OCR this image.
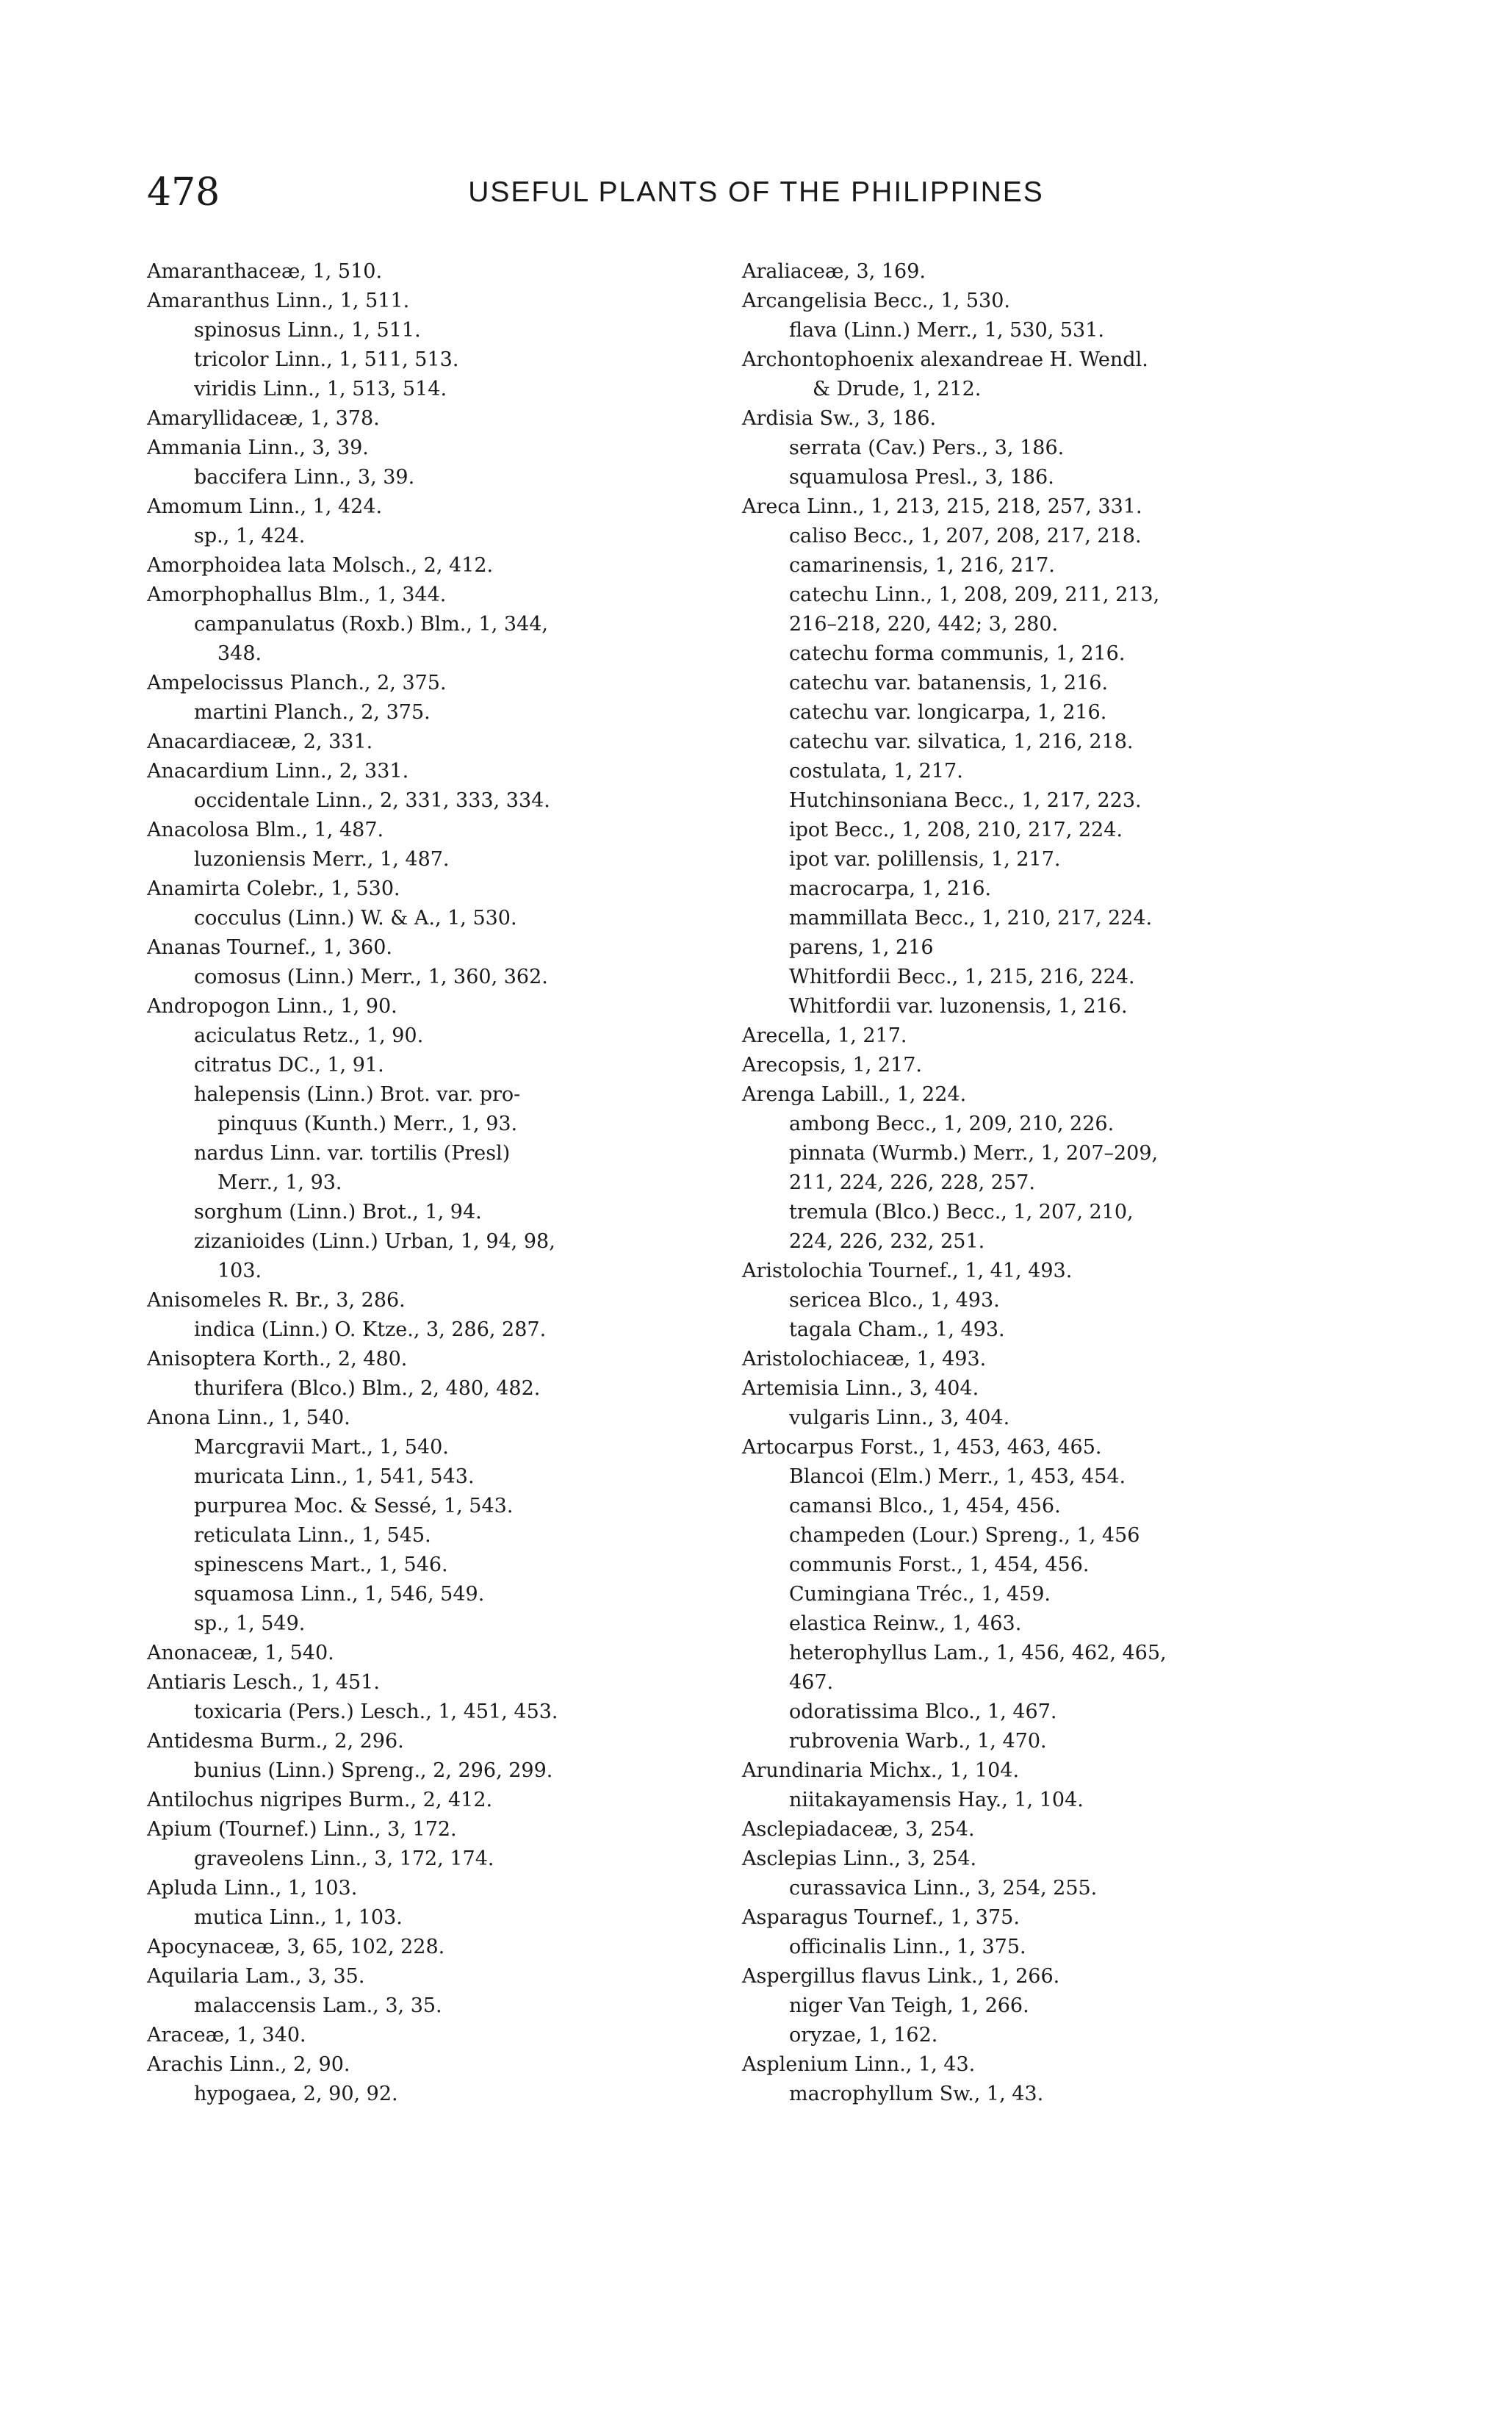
478	USEFUL PLANTS OF THE PHILIPPINES

Amaranthaceæ, 1, 510.

Amaranthus Linn., 1, 511.

spinosus Linn., 1, 511.

tricolor Linn., 1, 511, 513.

viridis Linn., 1, 513, 514.

Amaryllidaceæ, 1, 378.

Ammania Linn., 3, 39.

baccifera Linn., 3, 39.

Amomum Linn., 1, 424.

sp., 1, 424.

Amorphoidea lata Molsch., 2, 412.

Amorphophallus Blm., 1, 344.

campanulatus (Roxb.) Blm., 1, 344,

348.

Ampelocissus Planch., 2, 375.

martini Planch., 2, 375.

Anacardiaceæ, 2, 331.

Anacardium Linn., 2, 331.

occidentale Linn., 2, 331, 333, 334.

Anacolosa Blm., 1, 487.

luzoniensis Merr., 1, 487.

Anamirta Colebr., 1, 530.

cocculus (Linn.) W. & A., 1, 530.

Ananas Tournef., 1, 360.

comosus (Linn.) Merr., 1, 360, 362.

Andropogon Linn., 1, 90.

aciculatus Retz., 1, 90.

citratus DC., 1, 91.

halepensis (Linn.) Brot. var. pro-

pinquus (Kunth.) Merr., 1, 93.

nardus Linn. var. tortilis (Presl)

Merr., 1, 93.

sorghum (Linn.) Brot., 1, 94.

zizanioides (Linn.) Urban, 1, 94, 98,

103.

Anisomeles R. Br., 3, 286.

indica (Linn.) O. Ktze., 3, 286, 287.

Anisoptera Korth., 2, 480.

thurifera (Blco.) Blm., 2, 480, 482.

Anona Linn., 1, 540.

Marcgravii Mart., 1, 540.

muricata Linn., 1, 541, 543.

purpurea Moc. & Sessé, 1, 543.

reticulata Linn., 1, 545.

spinescens Mart., 1, 546.

squamosa Linn., 1, 546, 549.

sp., 1, 549.

Anonaceæ, 1, 540.

Antiaris Lesch., 1, 451.

toxicaria (Pers.) Lesch., 1, 451, 453.

Antidesma Burm., 2, 296.

bunius (Linn.) Spreng., 2, 296, 299.

Antilochus nigripes Burm., 2, 412.

Apium (Tournef.) Linn., 3, 172.

graveolens Linn., 3, 172, 174.

Apluda Linn., 1, 103.

mutica Linn., 1, 103.

Apocynaceæ, 3, 65, 102, 228.

Aquilaria Lam., 3, 35.

malaccensis Lam., 3, 35.

Araceæ, 1, 340.

Arachis Linn., 2, 90.

hypogaea, 2, 90, 92.

Araliaceæ, 3, 169.

Arcangelisia Becc., 1, 530.

flava (Linn.) Merr., 1, 530, 531.

Archontophoenix alexandreae H. Wendl.

& Drude, 1, 212.

Ardisia Sw., 3, 186.

serrata (Cav.) Pers., 3, 186.

squamulosa Presl., 3, 186.

Areca Linn., 1, 213, 215, 218, 257, 331.

caliso Becc., 1, 207, 208, 217, 218.

camarinensis, 1, 216, 217.

catechu Linn., 1, 208, 209, 211, 213,

216–218, 220, 442; 3, 280.

catechu forma communis, 1, 216.

catechu var. batanensis, 1, 216.

catechu var. longicarpa, 1, 216.

catechu var. silvatica, 1, 216, 218.

costulata, 1, 217.

Hutchinsoniana Becc., 1, 217, 223.

ipot Becc., 1, 208, 210, 217, 224.

ipot var. polillensis, 1, 217.

macrocarpa, 1, 216.

mammillata Becc., 1, 210, 217, 224.

parens, 1, 216

Whitfordii Becc., 1, 215, 216, 224.

Whitfordii var. luzonensis, 1, 216.

Arecella, 1, 217.

Arecopsis, 1, 217.

Arenga Labill., 1, 224.

ambong Becc., 1, 209, 210, 226.

pinnata (Wurmb.) Merr., 1, 207–209,

211, 224, 226, 228, 257.

tremula (Blco.) Becc., 1, 207, 210,

224, 226, 232, 251.

Aristolochia Tournef., 1, 41, 493.

sericea Blco., 1, 493.

tagala Cham., 1, 493.

Aristolochiaceæ, 1, 493.

Artemisia Linn., 3, 404.

vulgaris Linn., 3, 404.

Artocarpus Forst., 1, 453, 463, 465.

Blancoi (Elm.) Merr., 1, 453, 454.

camansi Blco., 1, 454, 456.

champeden (Lour.) Spreng., 1, 456

communis Forst., 1, 454, 456.

Cumingiana Tréc., 1, 459.

elastica Reinw., 1, 463.

heterophyllus Lam., 1, 456, 462, 465,

467.

odoratissima Blco., 1, 467.

rubrovenia Warb., 1, 470.

Arundinaria Michx., 1, 104.

niitakayamensis Hay., 1, 104.

Asclepiadaceæ, 3, 254.

Asclepias Linn., 3, 254.

curassavica Linn., 3, 254, 255.

Asparagus Tournef., 1, 375.

officinalis Linn., 1, 375.

Aspergillus flavus Link., 1, 266.

niger Van Teigh, 1, 266.

oryzae, 1, 162.

Asplenium Linn., 1, 43.

macrophyllum Sw., 1, 43.
